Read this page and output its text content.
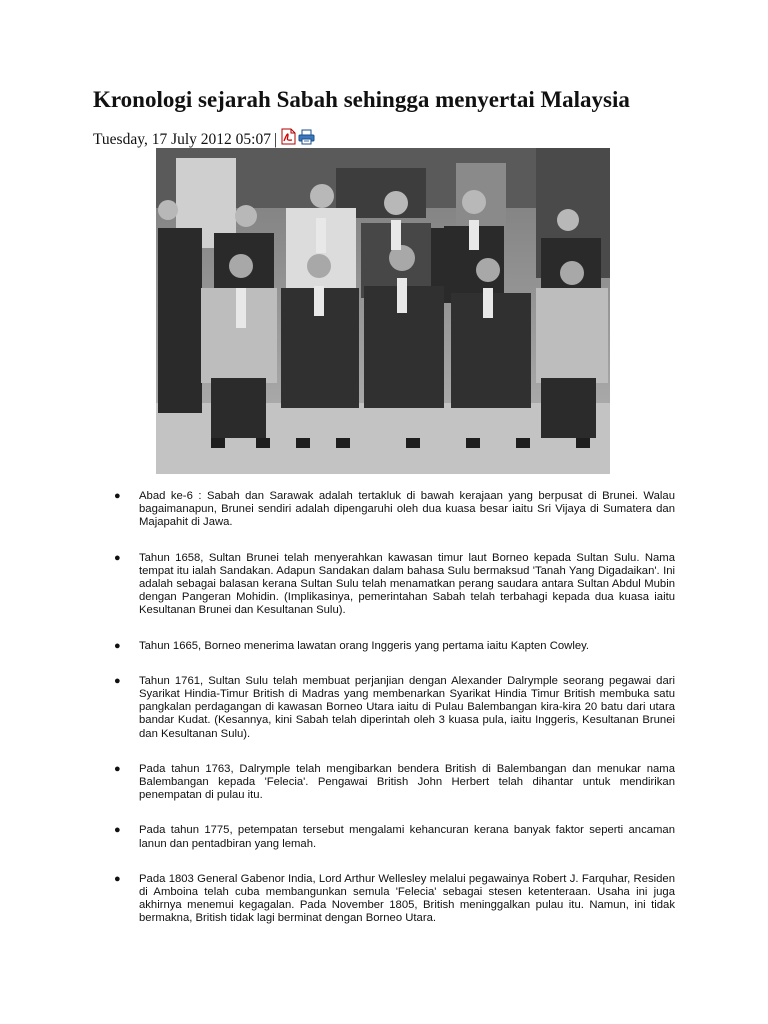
Kronologi sejarah Sabah sehingga menyertai Malaysia
Tuesday, 17 July 2012 05:07 |
● Abad ke-6 : Sabah dan Sarawak adalah tertakluk di bawah kerajaan yang berpusat di Brunei. Walau bagaimanapun, Brunei sendiri adalah dipengaruhi oleh dua kuasa besar iaitu Sri Vijaya di Sumatera dan Majapahit di Jawa.
● Tahun 1658, Sultan Brunei telah menyerahkan kawasan timur laut Borneo kepada Sultan Sulu. Nama tempat itu ialah Sandakan. Adapun Sandakan dalam bahasa Sulu bermaksud 'Tanah Yang Digadaikan'. Ini adalah sebagai balasan kerana Sultan Sulu telah menamatkan perang saudara antara Sultan Abdul Mubin dengan Pangeran Mohidin. (Implikasinya, pemerintahan Sabah telah terbahagi kepada dua kuasa iaitu Kesultanan Brunei dan Kesultanan Sulu).
● Tahun 1665, Borneo menerima lawatan orang Inggeris yang pertama iaitu Kapten Cowley.
● Tahun 1761, Sultan Sulu telah membuat perjanjian dengan Alexander Dalrymple seorang pegawai dari Syarikat Hindia-Timur British di Madras yang membenarkan Syarikat Hindia Timur British membuka satu pangkalan perdagangan di kawasan Borneo Utara iaitu di Pulau Balembangan kira-kira 20 batu dari utara bandar Kudat. (Kesannya, kini Sabah telah diperintah oleh 3 kuasa pula, iaitu Inggeris, Kesultanan Brunei dan Kesultanan Sulu).
● Pada tahun 1763, Dalrymple telah mengibarkan bendera British di Balembangan dan menukar nama Balembangan kepada 'Felecia'. Pengawai British John Herbert telah dihantar untuk mendirikan penempatan di pulau itu.
● Pada tahun 1775, petempatan tersebut mengalami kehancuran kerana banyak faktor seperti ancaman lanun dan pentadbiran yang lemah.
● Pada 1803 General Gabenor India, Lord Arthur Wellesley melalui pegawainya Robert J. Farquhar, Residen di Amboina telah cuba membangunkan semula 'Felecia' sebagai stesen ketenteraan. Usaha ini juga akhirnya menemui kegagalan. Pada November 1805, British meninggalkan pulau itu. Namun, ini tidak bermakna, British tidak lagi berminat dengan Borneo Utara.
